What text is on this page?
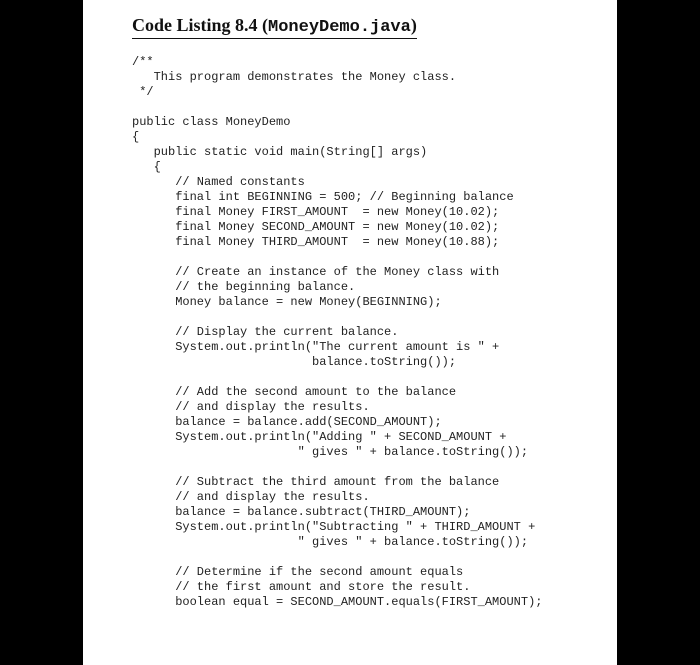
Code Listing 8.4 (MoneyDemo.java)
/**
This program demonstrates the Money class.
*/
public class MoneyDemo
{
public static void main(String[] args)
{
// Named constants
final int BEGINNING = 500; // Beginning balance
final Money FIRST_AMOUNT  = new Money(10.02);
final Money SECOND_AMOUNT = new Money(10.02);
final Money THIRD_AMOUNT  = new Money(10.88);
// Create an instance of the Money class with
// the beginning balance.
Money balance = new Money(BEGINNING);
// Display the current balance.
System.out.println("The current amount is " +
balance.toString());
// Add the second amount to the balance
// and display the results.
balance = balance.add(SECOND_AMOUNT);
System.out.println("Adding " + SECOND_AMOUNT +
" gives " + balance.toString());
// Subtract the third amount from the balance
// and display the results.
balance = balance.subtract(THIRD_AMOUNT);
System.out.println("Subtracting " + THIRD_AMOUNT +
" gives " + balance.toString());
// Determine if the second amount equals
// the first amount and store the result.
boolean equal = SECOND_AMOUNT.equals(FIRST_AMOUNT);
